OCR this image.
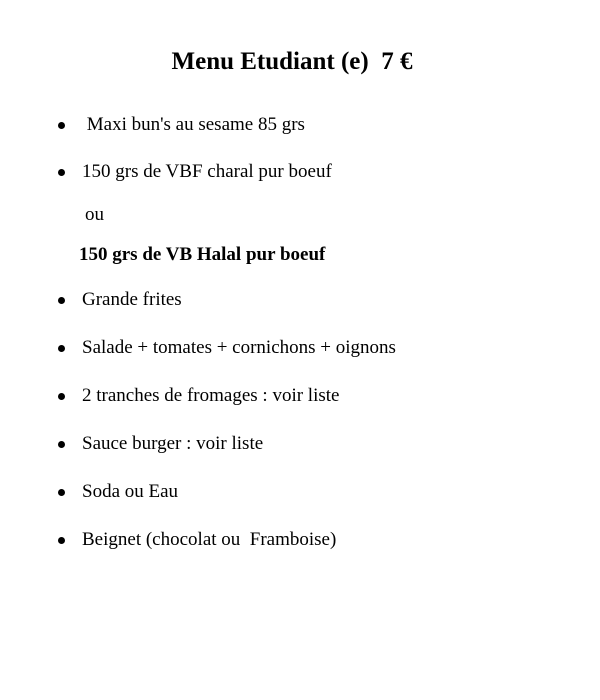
Menu Etudiant (e)  7 €
Maxi bun's au sesame 85 grs
150 grs de VBF charal pur boeuf
ou
150 grs de VB Halal pur boeuf
Grande frites
Salade + tomates + cornichons + oignons
2 tranches de fromages : voir liste
Sauce burger : voir liste
Soda ou Eau
Beignet (chocolat ou  Framboise)
